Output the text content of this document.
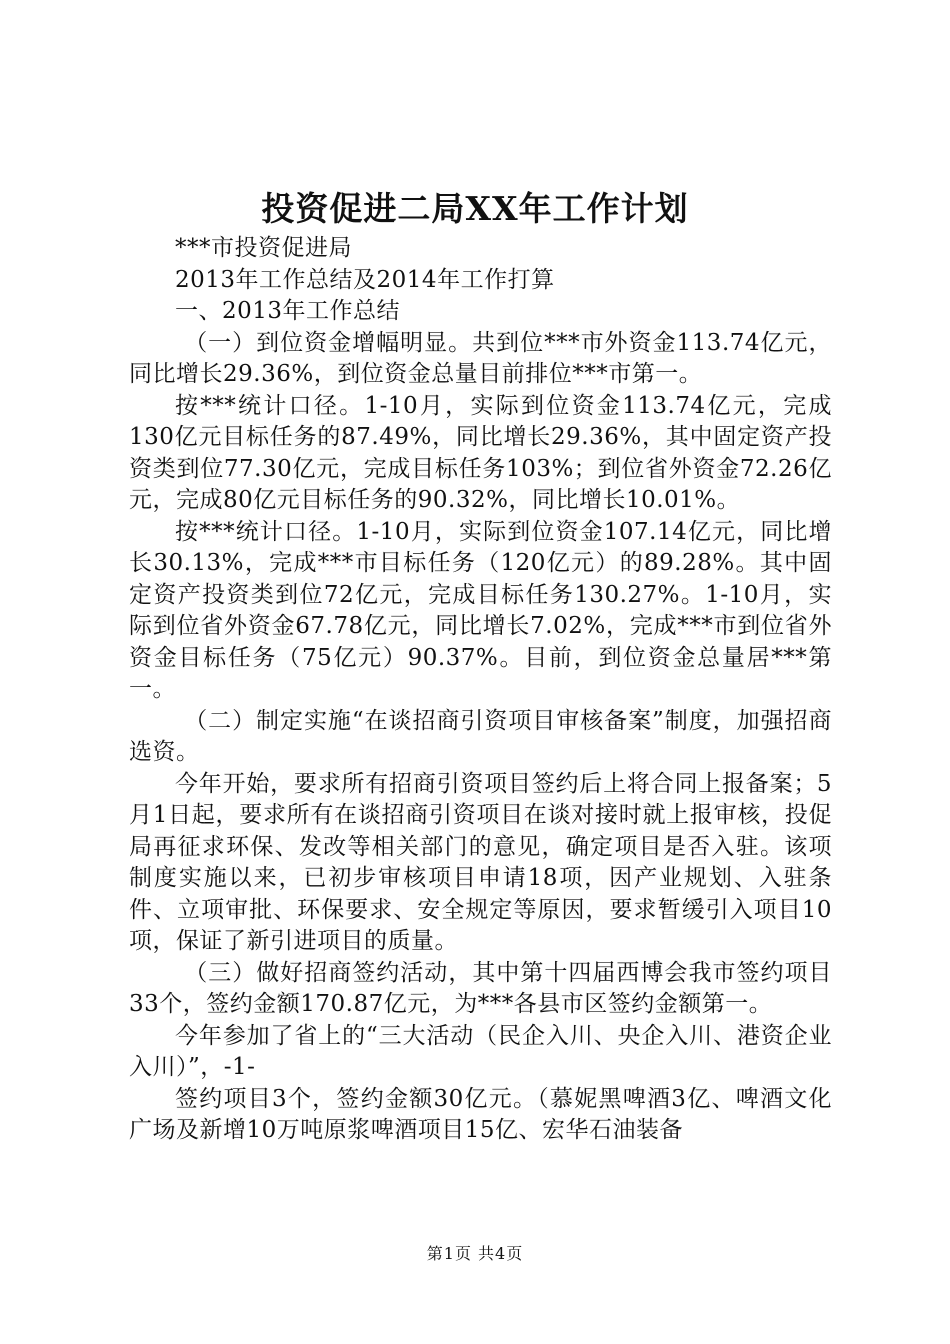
投资促进二局XX年工作计划

***市投资促进局

2013年工作总结及2014年工作打算

一、2013年工作总结

（一）到位资金增幅明显。共到位***市外资金113.74亿元，同比增长29.36%，到位资金总量目前排位***市第一。

按***统计口径。1-10月，实际到位资金113.74亿元，完成130亿元目标任务的87.49%，同比增长29.36%，其中固定资产投资类到位77.30亿元，完成目标任务103%；到位省外资金72.26亿元，完成80亿元目标任务的90.32%，同比增长10.01%。

按***统计口径。1-10月，实际到位资金107.14亿元，同比增长30.13%，完成***市目标任务（120亿元）的89.28%。其中固定资产投资类到位72亿元，完成目标任务130.27%。1-10月，实际到位省外资金67.78亿元，同比增长7.02%，完成***市到位省外资金目标任务（75亿元）90.37%。目前，到位资金总量居***第一。

（二）制定实施“在谈招商引资项目审核备案”制度，加强招商选资。

今年开始，要求所有招商引资项目签约后上将合同上报备案；5月1日起，要求所有在谈招商引资项目在谈对接时就上报审核，投促局再征求环保、发改等相关部门的意见，确定项目是否入驻。该项制度实施以来，已初步审核项目申请18项，因产业规划、入驻条件、立项审批、环保要求、安全规定等原因，要求暂缓引入项目10项，保证了新引进项目的质量。

（三）做好招商签约活动，其中第十四届西博会我市签约项目33个，签约金额170.87亿元，为***各县市区签约金额第一。

今年参加了省上的“三大活动（民企入川、央企入川、港资企业入川）”，-1-

签约项目3个，签约金额30亿元。（慕妮黑啤酒3亿、啤酒文化广场及新增10万吨原浆啤酒项目15亿、宏华石油装备

第1页 共4页
